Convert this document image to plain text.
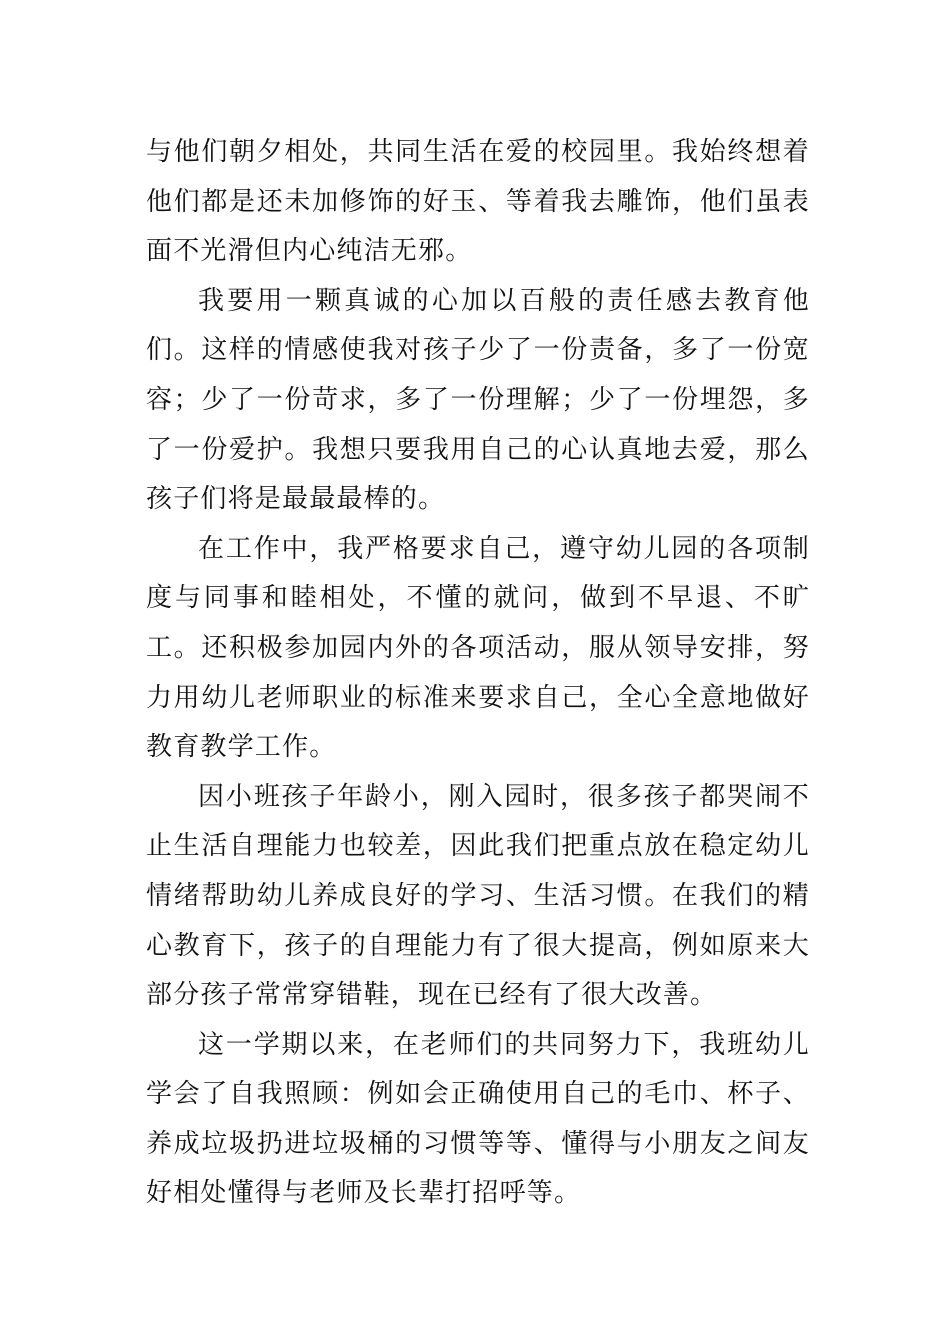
与他们朝夕相处，共同生活在爱的校园里。我始终想着他们都是还未加修饰的好玉、等着我去雕饰，他们虽表面不光滑但内心纯洁无邪。

我要用一颗真诚的心加以百般的责任感去教育他们。这样的情感使我对孩子少了一份责备，多了一份宽容；少了一份苛求，多了一份理解；少了一份埋怨，多了一份爱护。我想只要我用自己的心认真地去爱，那么孩子们将是最最最棒的。

在工作中，我严格要求自己，遵守幼儿园的各项制度与同事和睦相处，不懂的就问，做到不早退、不旷工。还积极参加园内外的各项活动，服从领导安排，努力用幼儿老师职业的标准来要求自己，全心全意地做好教育教学工作。

因小班孩子年龄小，刚入园时，很多孩子都哭闹不止生活自理能力也较差，因此我们把重点放在稳定幼儿情绪帮助幼儿养成良好的学习、生活习惯。在我们的精心教育下，孩子的自理能力有了很大提高，例如原来大部分孩子常常穿错鞋，现在已经有了很大改善。

这一学期以来，在老师们的共同努力下，我班幼儿学会了自我照顾：例如会正确使用自己的毛巾、杯子、养成垃圾扔进垃圾桶的习惯等等、懂得与小朋友之间友好相处懂得与老师及长辈打招呼等。
